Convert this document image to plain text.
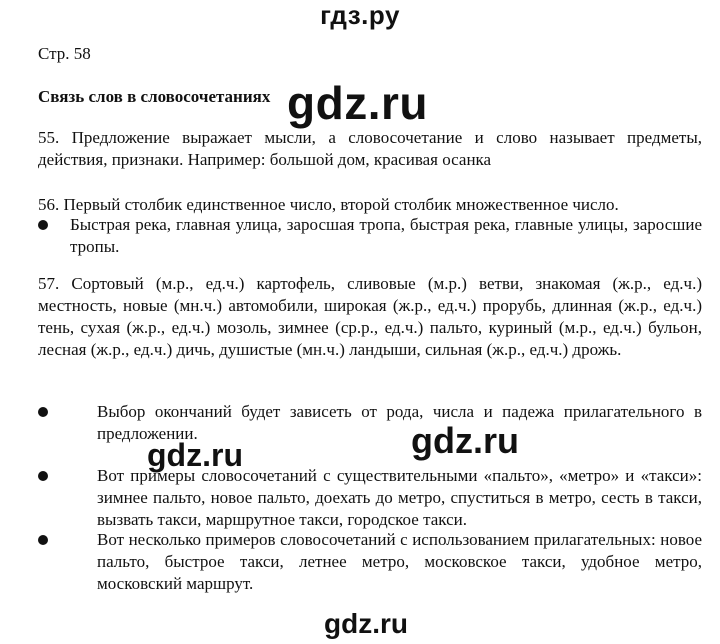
гдз.ру
Стр. 58
Связь слов в словосочетаниях
55. Предложение выражает мысли, а словосочетание и слово называет предметы, действия, признаки. Например: большой дом, красивая осанка
56. Первый столбик единственное число, второй столбик множественное число.
Быстрая река, главная улица, заросшая тропа, быстрая река, главные улицы, заросшие тропы.
57. Сортовый (м.р., ед.ч.) картофель, сливовые (м.р.) ветви, знакомая (ж.р., ед.ч.) местность, новые (мн.ч.) автомобили, широкая (ж.р., ед.ч.) прорубь, длинная (ж.р., ед.ч.) тень, сухая (ж.р., ед.ч.) мозоль, зимнее (ср.р., ед.ч.) пальто, куриный (м.р., ед.ч.) бульон, лесная (ж.р., ед.ч.) дичь, душистые (мн.ч.) ландыши, сильная (ж.р., ед.ч.) дрожь.
Выбор окончаний будет зависеть от рода, числа и падежа прилагательного в предложении.
Вот примеры словосочетаний с существительными «пальто», «метро» и «такси»: зимнее пальто, новое пальто, доехать до метро, спуститься в метро, сесть в такси, вызвать такси, маршрутное такси, городское такси.
Вот несколько примеров словосочетаний с использованием прилагательных: новое пальто, быстрое такси, летнее метро, московское такси, удобное метро, московский маршрут.
gdz.ru
gdz.ru	gdz.ru
gdz.ru
